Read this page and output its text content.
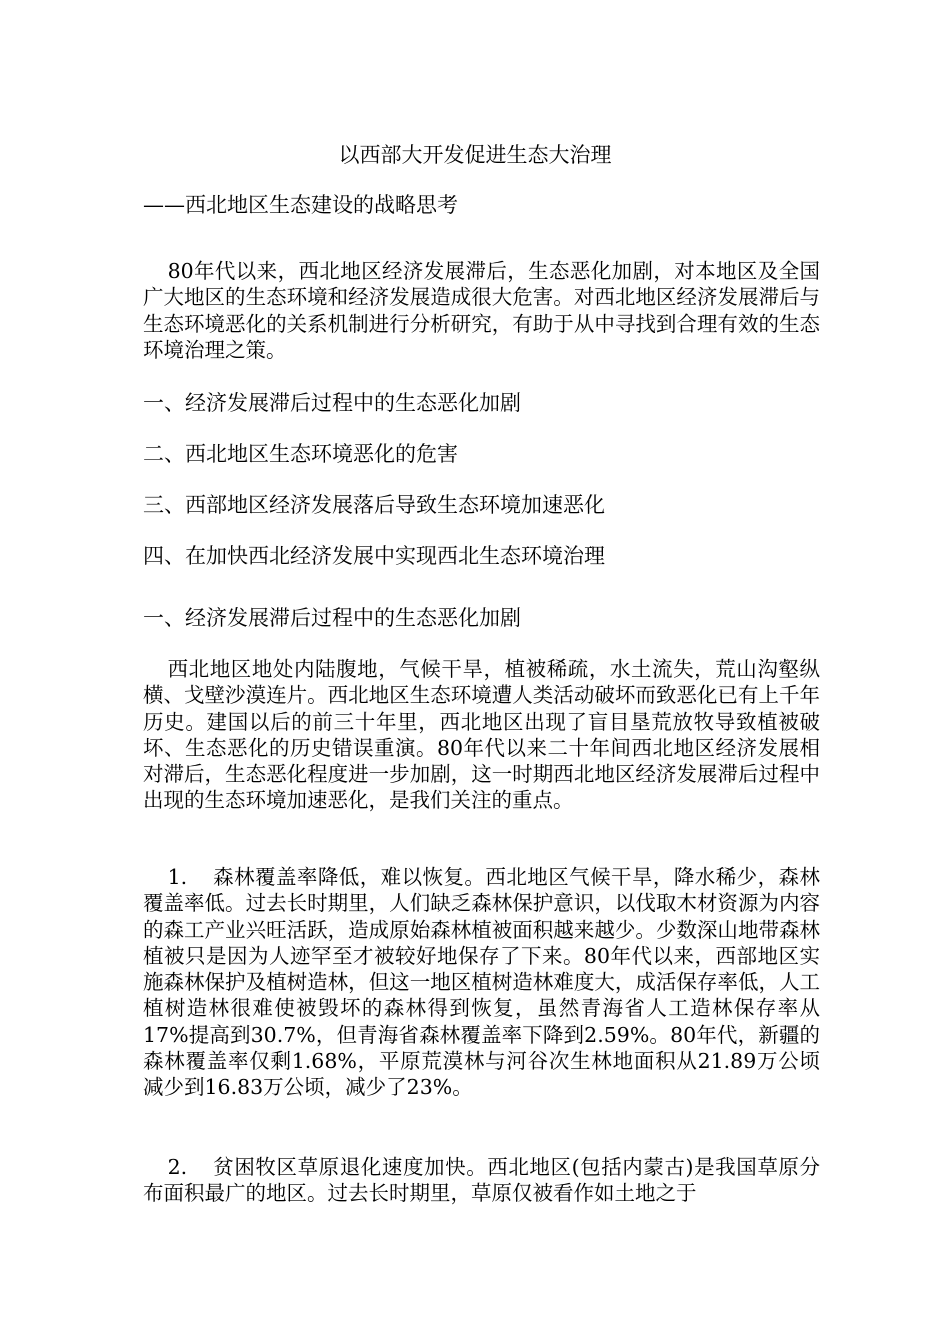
以西部大开发促进生态大治理

——西北地区生态建设的战略思考

80年代以来，西北地区经济发展滞后，生态恶化加剧，对本地区及全国广大地区的生态环境和经济发展造成很大危害。对西北地区经济发展滞后与生态环境恶化的关系机制进行分析研究，有助于从中寻找到合理有效的生态环境治理之策。

一、经济发展滞后过程中的生态恶化加剧

二、西北地区生态环境恶化的危害

三、西部地区经济发展落后导致生态环境加速恶化

四、在加快西北经济发展中实现西北生态环境治理

一、经济发展滞后过程中的生态恶化加剧

西北地区地处内陆腹地，气候干旱，植被稀疏，水土流失，荒山沟壑纵横、戈壁沙漠连片。西北地区生态环境遭人类活动破坏而致恶化已有上千年历史。建国以后的前三十年里，西北地区出现了盲目垦荒放牧导致植被破坏、生态恶化的历史错误重演。80年代以来二十年间西北地区经济发展相对滞后，生态恶化程度进一步加剧，这一时期西北地区经济发展滞后过程中出现的生态环境加速恶化，是我们关注的重点。

1. 森林覆盖率降低，难以恢复。西北地区气候干旱，降水稀少，森林覆盖率低。过去长时期里，人们缺乏森林保护意识，以伐取木材资源为内容的森工产业兴旺活跃，造成原始森林植被面积越来越少。少数深山地带森林植被只是因为人迹罕至才被较好地保存了下来。80年代以来，西部地区实施森林保护及植树造林，但这一地区植树造林难度大，成活保存率低，人工植树造林很难使被毁坏的森林得到恢复，虽然青海省人工造林保存率从17%提高到30.7%，但青海省森林覆盖率下降到2.59%。80年代，新疆的森林覆盖率仅剩1.68%，平原荒漠林与河谷次生林地面积从21.89万公顷减少到16.83万公顷，减少了23%。

2. 贫困牧区草原退化速度加快。西北地区(包括内蒙古)是我国草原分布面积最广的地区。过去长时期里，草原仅被看作如土地之于
